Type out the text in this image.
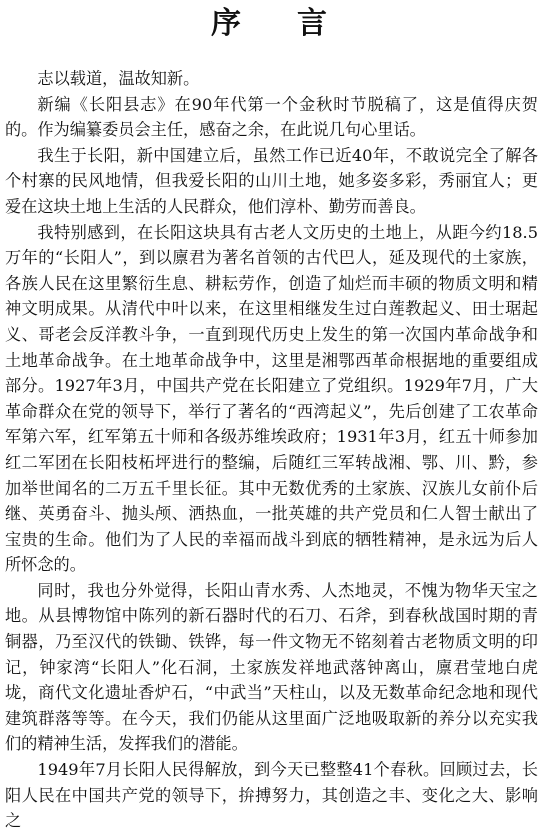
序 言

志以载道，温故知新。

新编《长阳县志》在90年代第一个金秋时节脱稿了，这是值得庆贺的。作为编纂委员会主任，感奋之余，在此说几句心里话。

我生于长阳，新中国建立后，虽然工作已近40年，不敢说完全了解各个村寨的民风地情，但我爱长阳的山川土地，她多姿多彩，秀丽宜人；更爱在这块土地上生活的人民群众，他们淳朴、勤劳而善良。

我特别感到，在长阳这块具有古老人文历史的土地上，从距今约18.5万年的“长阳人”，到以廪君为著名首领的古代巴人，延及现代的土家族，各族人民在这里繁衍生息、耕耘劳作，创造了灿烂而丰硕的物质文明和精神文明成果。从清代中叶以来，在这里相继发生过白莲教起义、田士琚起义、哥老会反洋教斗争，一直到现代历史上发生的第一次国内革命战争和土地革命战争。在土地革命战争中，这里是湘鄂西革命根据地的重要组成部分。1927年3月，中国共产党在长阳建立了党组织。1929年7月，广大革命群众在党的领导下，举行了著名的“西湾起义”，先后创建了工农革命军第六军，红军第五十师和各级苏维埃政府；1931年3月，红五十师参加红二军团在长阳枝柘坪进行的整编，后随红三军转战湘、鄂、川、黔，参加举世闻名的二万五千里长征。其中无数优秀的土家族、汉族儿女前仆后继、英勇奋斗、抛头颅、洒热血，一批英雄的共产党员和仁人智士献出了宝贵的生命。他们为了人民的幸福而战斗到底的牺牲精神，是永远为后人所怀念的。

同时，我也分外觉得，长阳山青水秀、人杰地灵，不愧为物华天宝之地。从县博物馆中陈列的新石器时代的石刀、石斧，到春秋战国时期的青铜器，乃至汉代的铁锄、铁铧，每一件文物无不铭刻着古老物质文明的印记，钟家湾“长阳人”化石洞，土家族发祥地武落钟离山，廪君莹地白虎垅，商代文化遗址香炉石，“中武当”天柱山，以及无数革命纪念地和现代建筑群落等等。在今天，我们仍能从这里面广泛地吸取新的养分以充实我们的精神生活，发挥我们的潜能。

1949年7月长阳人民得解放，到今天已整整41个春秋。回顾过去，长阳人民在中国共产党的领导下，拚搏努力，其创造之丰、变化之大、影响之
